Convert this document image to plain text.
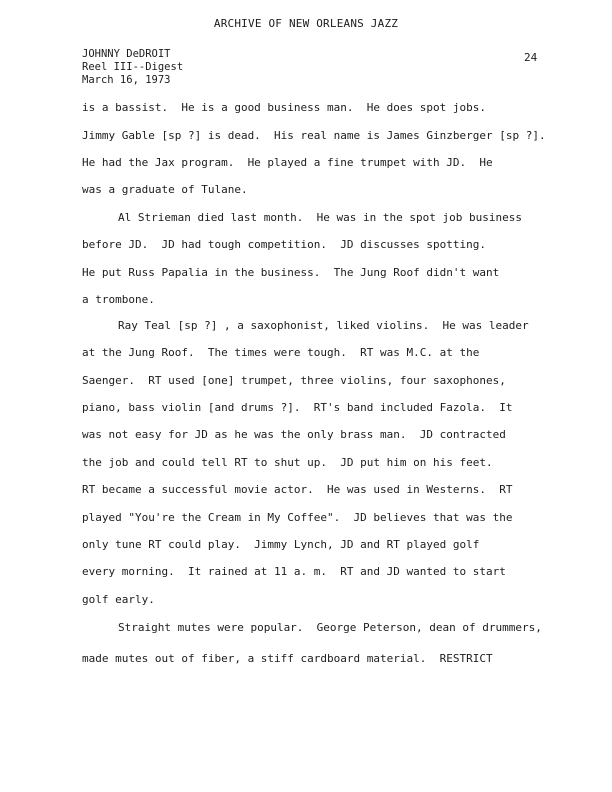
ARCHIVE OF NEW ORLEANS JAZZ
JOHNNY DeDROIT
Reel III--Digest
March 16, 1973
24
is a bassist.  He is a good business man.  He does spot jobs.
Jimmy Gable [sp ?] is dead.  His real name is James Ginzberger [sp ?].
He had the Jax program.  He played a fine trumpet with JD.  He
was a graduate of Tulane.
Al Strieman died last month.  He was in the spot job business
before JD.  JD had tough competition.  JD discusses spotting.
He put Russ Papalia in the business.  The Jung Roof didn't want
a trombone.
Ray Teal [sp ?] , a saxophonist, liked violins.  He was leader
at the Jung Roof.  The times were tough.  RT was M.C. at the
Saenger.  RT used [one] trumpet, three violins, four saxophones,
piano, bass violin [and drums ?].  RT's band included Fazola.  It
was not easy for JD as he was the only brass man.  JD contracted
the job and could tell RT to shut up.  JD put him on his feet.
RT became a successful movie actor.  He was used in Westerns.  RT
played "You're the Cream in My Coffee".  JD believes that was the
only tune RT could play.  Jimmy Lynch, JD and RT played golf
every morning.  It rained at 11 a. m.  RT and JD wanted to start
golf early.
Straight mutes were popular.  George Peterson, dean of drummers,
made mutes out of fiber, a stiff cardboard material.  RESTRICT
